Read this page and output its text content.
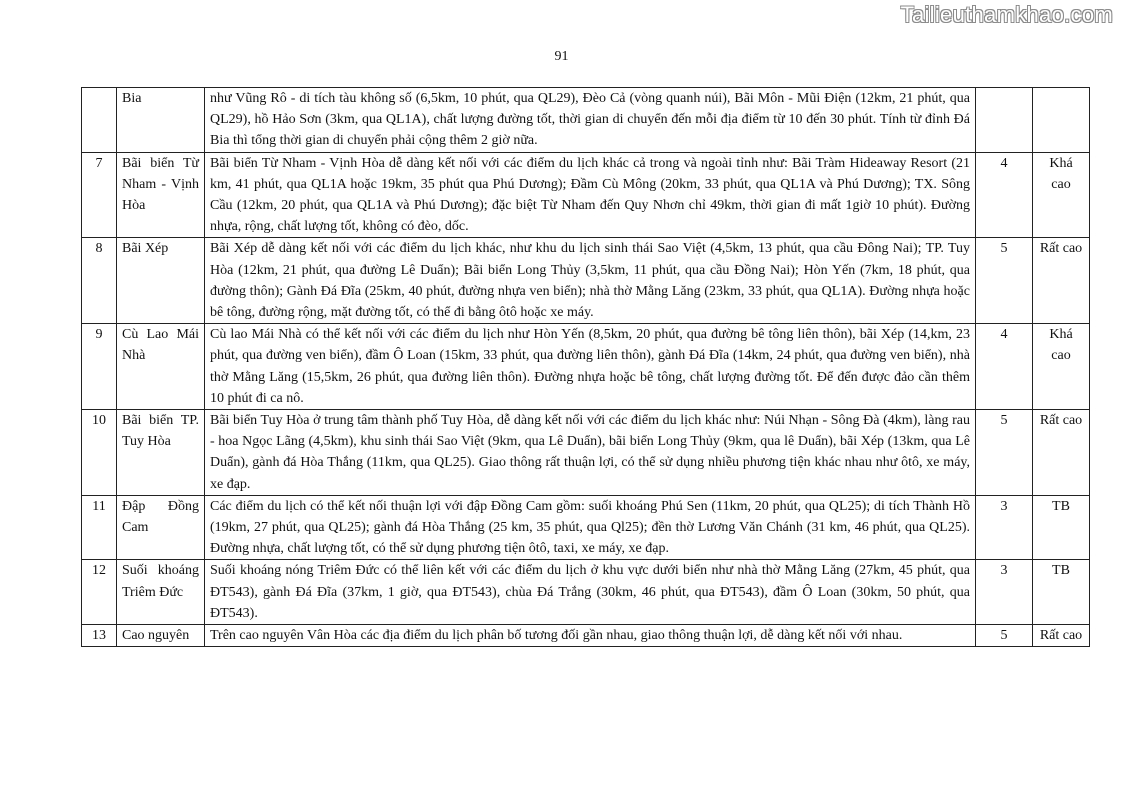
Tailieuthamkhao.com
91
	Bia	như Vũng Rô - di tích tàu không số (6,5km, 10 phút, qua QL29), Đèo Cả (vòng quanh núi), Bãi Môn - Mũi Điện (12km, 21 phút, qua QL29), hồ Hảo Sơn (3km, qua QL1A), chất lượng đường tốt, thời gian di chuyển đến mỗi địa điểm từ 10 đến 30 phút. Tính từ đỉnh Đá Bia thì tổng thời gian di chuyển phải cộng thêm 2 giờ nữa.		
7	Bãi biển Từ Nham - Vịnh Hòa	Bãi biển Từ Nham - Vịnh Hòa dễ dàng kết nối với các điểm du lịch khác cả trong và ngoài tỉnh như: Bãi Tràm Hideaway Resort (21 km, 41 phút, qua QL1A hoặc 19km, 35 phút qua Phú Dương); Đầm Cù Mông (20km, 33 phút, qua QL1A và Phú Dương); TX. Sông Cầu (12km, 20 phút, qua QL1A và Phú Dương); đặc biệt Từ Nham đến Quy Nhơn chỉ 49km, thời gian đi mất 1giờ 10 phút). Đường nhựa, rộng, chất lượng tốt, không có đèo, dốc.	4	Khá cao
8	Bãi Xép	Bãi Xép dễ dàng kết nối với các điểm du lịch khác, như khu du lịch sinh thái Sao Việt (4,5km, 13 phút, qua cầu Đông Nai); TP. Tuy Hòa (12km, 21 phút, qua đường Lê Duẩn); Bãi biển Long Thủy (3,5km, 11 phút, qua cầu Đồng Nai); Hòn Yến (7km, 18 phút, qua đường thôn); Gành Đá Đĩa (25km, 40 phút, đường nhựa ven biển); nhà thờ Mằng Lăng (23km, 33 phút, qua QL1A). Đường nhựa hoặc bê tông, đường rộng, mặt đường tốt, có thể đi bằng ôtô hoặc xe máy.	5	Rất cao
9	Cù Lao Mái Nhà	Cù lao Mái Nhà có thể kết nối với các điểm du lịch như Hòn Yến (8,5km, 20 phút, qua đường bê tông liên thôn), bãi Xép (14,km, 23 phút, qua đường ven biển), đầm Ô Loan (15km, 33 phút, qua đường liên thôn), gành Đá Đĩa (14km, 24 phút, qua đường ven biển), nhà thờ Mằng Lăng (15,5km, 26 phút, qua đường liên thôn). Đường nhựa hoặc bê tông, chất lượng đường tốt. Để đến được đảo cần thêm 10 phút đi ca nô.	4	Khá cao
10	Bãi biển TP. Tuy Hòa	Bãi biển Tuy Hòa ở trung tâm thành phố Tuy Hòa, dễ dàng kết nối với các điểm du lịch khác như: Núi Nhạn - Sông Đà (4km), làng rau - hoa Ngọc Lãng (4,5km), khu sinh thái Sao Việt (9km, qua Lê Duẩn), bãi biển Long Thủy (9km, qua lê Duẩn), bãi Xép (13km, qua Lê Duẩn), gành đá Hòa Thắng (11km, qua QL25). Giao thông rất thuận lợi, có thể sử dụng nhiều phương tiện khác nhau như ôtô, xe máy, xe đạp.	5	Rất cao
11	Đập Đồng Cam	Các điểm du lịch có thể kết nối thuận lợi với đập Đồng Cam gồm: suối khoáng Phú Sen (11km, 20 phút, qua QL25); di tích Thành Hồ (19km, 27 phút, qua QL25); gành đá Hòa Thắng (25 km, 35 phút, qua Ql25); đền thờ Lương Văn Chánh (31 km, 46 phút, qua QL25). Đường nhựa, chất lượng tốt, có thể sử dụng phương tiện ôtô, taxi, xe máy, xe đạp.	3	TB
12	Suối khoáng Triêm Đức	Suối khoáng nóng Triêm Đức có thể liên kết với các điểm du lịch ở khu vực dưới biển như nhà thờ Mằng Lăng (27km, 45 phút, qua ĐT543), gành Đá Đĩa (37km, 1 giờ, qua ĐT543), chùa Đá Trắng (30km, 46 phút, qua ĐT543), đầm Ô Loan (30km, 50 phút, qua ĐT543).	3	TB
13	Cao nguyên	Trên cao nguyên Vân Hòa các địa điểm du lịch phân bố tương đối gần nhau, giao thông thuận lợi, dễ dàng kết nối với nhau.	5	Rất cao
